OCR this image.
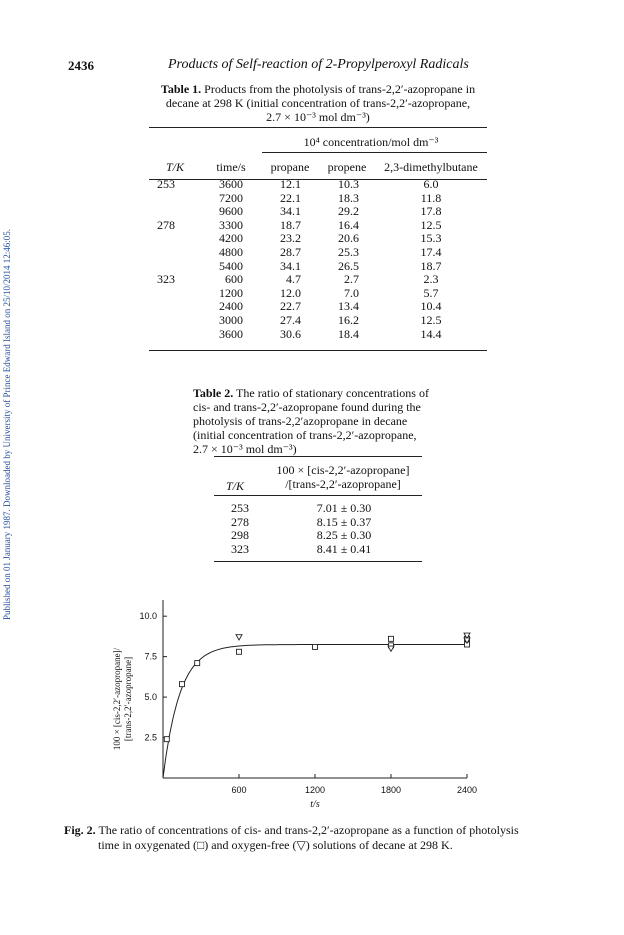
Published on 01 January 1987. Downloaded by University of Prince Edward Island on 25/10/2014 12:46:05.
2436	Products of Self-reaction of 2-Propylperoxyl Radicals
Table 1. Products from the photolysis of trans-2,2′-azopropane in
decane at 298 K (initial concentration of trans-2,2′-azopropane,
2.7 × 10⁻³ mol dm⁻³)
10⁴ concentration/mol dm⁻³
T/K	time/s	propane	propene	2,3-dimethylbutane
253	3600	12.1	10.3	6.0
	7200	22.1	18.3	11.8
	9600	34.1	29.2	17.8
278	3300	18.7	16.4	12.5
	4200	23.2	20.6	15.3
	4800	28.7	25.3	17.4
	5400	34.1	26.5	18.7
323	600	4.7	2.7	2.3
	1200	12.0	7.0	5.7
	2400	22.7	13.4	10.4
	3000	27.4	16.2	12.5
	3600	30.6	18.4	14.4
Table 2. The ratio of stationary concentrations of
cis- and trans-2,2′-azopropane found during the
photolysis of trans-2,2′azopropane in decane
(initial concentration of trans-2,2′-azopropane,
2.7 × 10⁻³ mol dm⁻³)
T/K
100 × [cis-2,2′-azopropane]
/[trans-2,2′-azopropane]
253	7.01 ± 0.30
278	8.15 ± 0.37
298	8.25 ± 0.30
323	8.41 ± 0.41
600	1200	1800	2400
2.5
5.0
7.5
10.0
t/s
100 × [cis-2,2′-azopropane]/ [trans-2,2′-azopropane]
Fig. 2. The ratio of concentrations of cis- and trans-2,2′-azopropane as a function of photolysis
time in oxygenated (□) and oxygen-free (▽) solutions of decane at 298 K.
